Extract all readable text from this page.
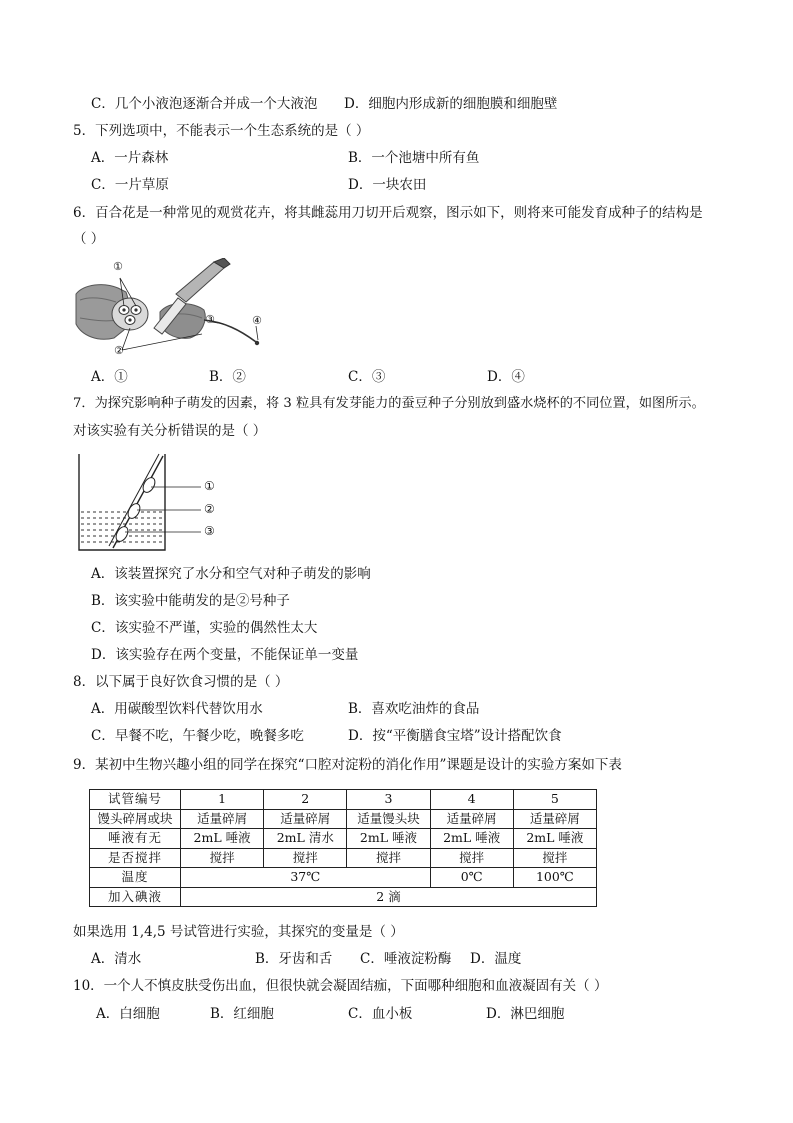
C．几个小液泡逐渐合并成一个大液泡 D．细胞内形成新的细胞膜和细胞壁
5．下列选项中，不能表示一个生态系统的是（ ）
A．一片森林	B．一个池塘中所有鱼
C．一片草原	D．一块农田
6．百合花是一种常见的观赏花卉，将其雌蕊用刀切开后观察，图示如下，则将来可能发育成种子的结构是
（ ）
①
②
③	④
A．①	B．②	C．③	D．④
7．为探究影响种子萌发的因素，将 3 粒具有发芽能力的蚕豆种子分别放到盛水烧杯的不同位置，如图所示。
对该实验有关分析错误的是（ ）
①
②
③
A．该装置探究了水分和空气对种子萌发的影响
B．该实验中能萌发的是②号种子
C．该实验不严谨，实验的偶然性太大
D．该实验存在两个变量，不能保证单一变量
8．以下属于良好饮食习惯的是（ ）
A．用碳酸型饮料代替饮用水	B．喜欢吃油炸的食品
C．早餐不吃，午餐少吃，晚餐多吃	D．按“平衡膳食宝塔”设计搭配饮食
9．某初中生物兴趣小组的同学在探究“口腔对淀粉的消化作用”课题是设计的实验方案如下表
试管编号	1	2	3	4	5
馒头碎屑或块	适量碎屑	适量碎屑	适量馒头块	适量碎屑	适量碎屑
唾液有无	2mL 唾液	2mL 清水	2mL 唾液	2mL 唾液	2mL 唾液
是否搅拌	搅拌	搅拌	搅拌	搅拌	搅拌
温度	37℃			0℃	100℃
加入碘液	2 滴				
如果选用 1,4,5 号试管进行实验，其探究的变量是（ ）
A．清水	B．牙齿和舌 C．唾液淀粉酶 D．温度
10．一个人不慎皮肤受伤出血，但很快就会凝固结痂，下面哪种细胞和血液凝固有关（ ）
A．白细胞	B．红细胞	C．血小板	D．淋巴细胞
